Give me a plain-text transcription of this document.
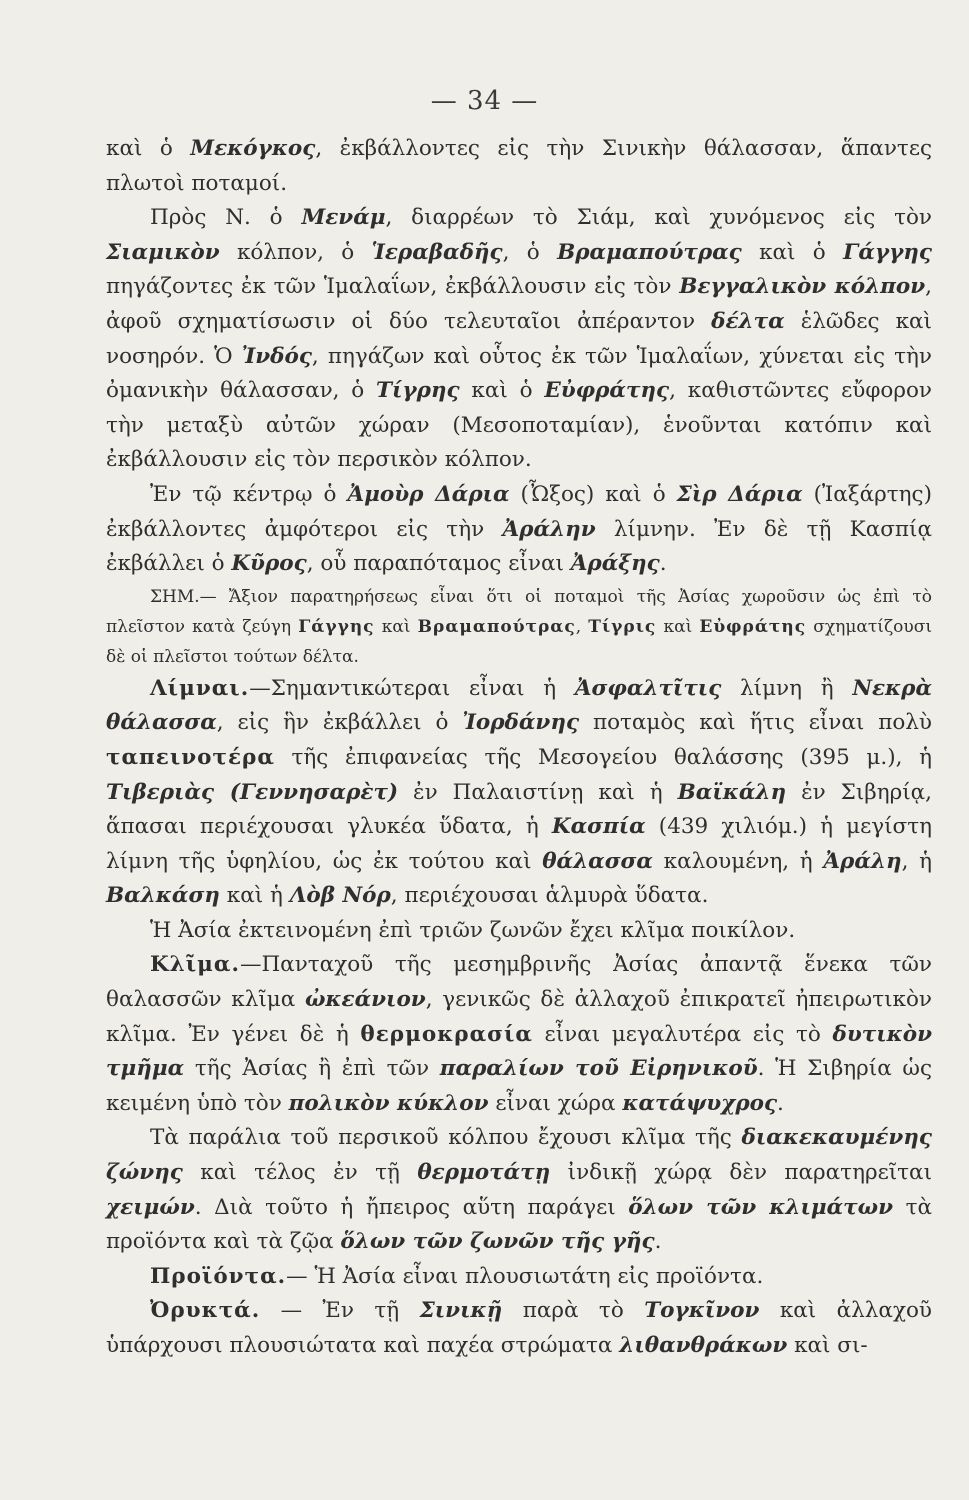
— 34 —

καὶ ὁ Μεκόγκος, ἐκβάλλοντες εἰς τὴν Σινικὴν θάλασσαν, ἅπαντες πλωτοὶ ποταμοί.

Πρὸς Ν. ὁ Μενάμ, διαρρέων τὸ Σιάμ, καὶ χυνόμενος εἰς τὸν Σιαμικὸν κόλπον, ὁ Ἱεραβαδῆς, ὁ Βραμαπούτρας καὶ ὁ Γάγγης πηγάζοντες ἐκ τῶν Ἱμαλαΐων, ἐκβάλλουσιν εἰς τὸν Βεγγαλικὸν κόλπον, ἀφοῦ σχηματίσωσιν οἱ δύο τελευταῖοι ἀπέραντον δέλτα ἑλῶδες καὶ νοσηρόν. Ὁ Ἰνδός, πηγάζων καὶ οὗτος ἐκ τῶν Ἱμαλαΐων, χύνεται εἰς τὴν ὀμανικὴν θάλασσαν, ὁ Τίγρης καὶ ὁ Εὐφράτης, καθιστῶντες εὔφορον τὴν μεταξὺ αὐτῶν χώραν (Μεσοποταμίαν), ἑνοῦνται κατόπιν καὶ ἐκβάλλουσιν εἰς τὸν περσικὸν κόλπον.

Ἐν τῷ κέντρῳ ὁ Ἀμοὺρ Δάρια (Ὦξος) καὶ ὁ Σὶρ Δάρια (Ἰαξάρτης) ἐκβάλλοντες ἀμφότεροι εἰς τὴν Ἀράλην λίμνην. Ἐν δὲ τῇ Κασπίᾳ ἐκβάλλει ὁ Κῦρος, οὗ παραπόταμος εἶναι Ἀράξης.

ΣΗΜ.— Ἄξιον παρατηρήσεως εἶναι ὅτι οἱ ποταμοὶ τῆς Ἀσίας χωροῦσιν ὡς ἐπὶ τὸ πλεῖστον κατὰ ζεύγη Γάγγης καὶ Βραμαπούτρας, Τίγρις καὶ Εὐφράτης σχηματίζουσι δὲ οἱ πλεῖστοι τούτων δέλτα.

Λίμναι.—Σημαντικώτεραι εἶναι ἡ Ἀσφαλτῖτις λίμνη ἢ Νεκρὰ θάλασσα, εἰς ἣν ἐκβάλλει ὁ Ἰορδάνης ποταμὸς καὶ ἥτις εἶναι πολὺ ταπεινοτέρα τῆς ἐπιφανείας τῆς Μεσογείου θαλάσσης (395 μ.), ἡ Τιβεριὰς (Γεννησαρὲτ) ἐν Παλαιστίνῃ καὶ ἡ Βαϊκάλη ἐν Σιβηρίᾳ, ἅπασαι περιέχουσαι γλυκέα ὕδατα, ἡ Κασπία (439 χιλιόμ.) ἡ μεγίστη λίμνη τῆς ὑφηλίου, ὡς ἐκ τούτου καὶ θάλασσα καλουμένη, ἡ Ἀράλη, ἡ Βαλκάση καὶ ἡ Λὸβ Νόρ, περιέχουσαι ἁλμυρὰ ὕδατα.

Ἡ Ἀσία ἐκτεινομένη ἐπὶ τριῶν ζωνῶν ἔχει κλῖμα ποικίλον.

Κλῖμα.—Πανταχοῦ τῆς μεσημβρινῆς Ἀσίας ἀπαντᾷ ἕνεκα τῶν θαλασσῶν κλῖμα ὠκεάνιον, γενικῶς δὲ ἀλλαχοῦ ἐπικρατεῖ ἠπειρωτικὸν κλῖμα. Ἐν γένει δὲ ἡ θερμοκρασία εἶναι μεγαλυτέρα εἰς τὸ δυτικὸν τμῆμα τῆς Ἀσίας ἢ ἐπὶ τῶν παραλίων τοῦ Εἰρηνικοῦ. Ἡ Σιβηρία ὡς κειμένη ὑπὸ τὸν πολικὸν κύκλον εἶναι χώρα κατάψυχρος.

Τὰ παράλια τοῦ περσικοῦ κόλπου ἔχουσι κλῖμα τῆς διακεκαυμένης ζώνης καὶ τέλος ἐν τῇ θερμοτάτῃ ἰνδικῇ χώρᾳ δὲν παρατηρεῖται χειμών. Διὰ τοῦτο ἡ ἤπειρος αὕτη παράγει ὅλων τῶν κλιμάτων τὰ προϊόντα καὶ τὰ ζῷα ὅλων τῶν ζωνῶν τῆς γῆς.

Προϊόντα.— Ἡ Ἀσία εἶναι πλουσιωτάτη εἰς προϊόντα.

Ὀρυκτά. — Ἐν τῇ Σινικῇ παρὰ τὸ Τογκῖνον καὶ ἀλλαχοῦ ὑπάρχουσι πλουσιώτατα καὶ παχέα στρώματα λιθανθράκων καὶ σι-
